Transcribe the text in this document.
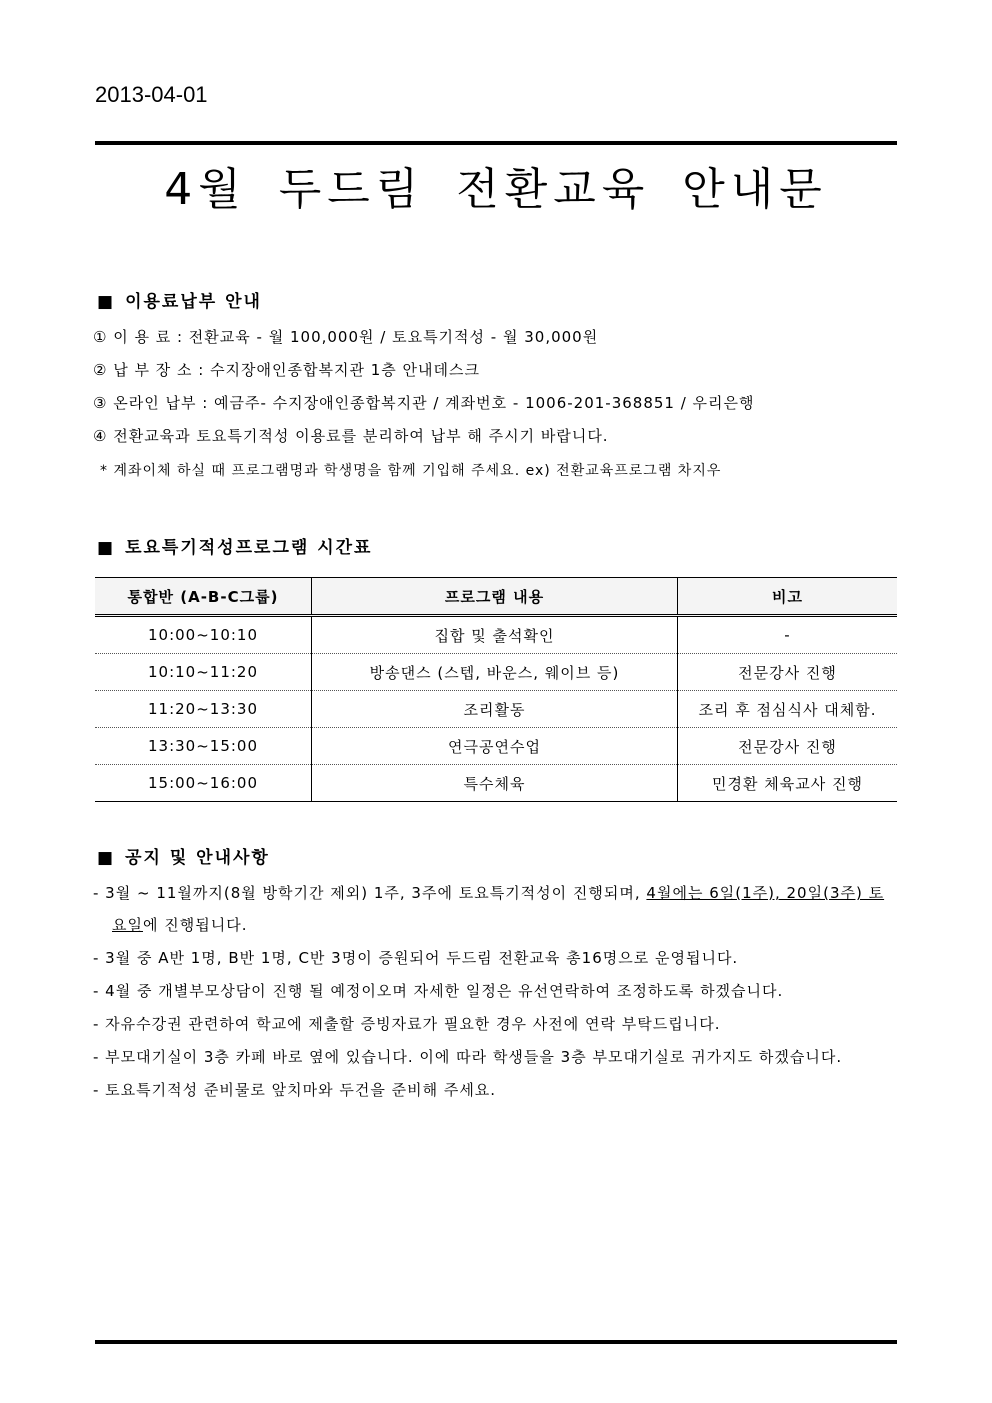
2013-04-01
4월 두드림 전환교육 안내문
■ 이용료납부 안내
① 이 용 료 : 전환교육 - 월 100,000원 / 토요특기적성 - 월 30,000원
② 납 부 장 소 : 수지장애인종합복지관 1층 안내데스크
③ 온라인 납부 : 예금주- 수지장애인종합복지관 / 계좌번호 - 1006-201-368851 / 우리은행
④ 전환교육과 토요특기적성 이용료를 분리하여 납부 해 주시기 바랍니다.
* 계좌이체 하실 때 프로그램명과 학생명을 함께 기입해 주세요. ex) 전환교육프로그램 차지우
■ 토요특기적성프로그램 시간표
통합반 (A-B-C그룹)	프로그램 내용	비고
10:00~10:10	집합 및 출석확인	-
10:10~11:20	방송댄스 (스텝, 바운스, 웨이브 등)	전문강사 진행
11:20~13:30	조리활동	조리 후 점심식사 대체함.
13:30~15:00	연극공연수업	전문강사 진행
15:00~16:00	특수체육	민경환 체육교사 진행
■ 공지 및 안내사항
- 3월 ~ 11월까지(8월 방학기간 제외) 1주, 3주에 토요특기적성이 진행되며, 4월에는 6일(1주), 20일(3주) 토
요일에 진행됩니다.
- 3월 중 A반 1명, B반 1명, C반 3명이 증원되어 두드림 전환교육 총16명으로 운영됩니다.
- 4월 중 개별부모상담이 진행 될 예정이오며 자세한 일정은 유선연락하여 조정하도록 하겠습니다.
- 자유수강권 관련하여 학교에 제출할 증빙자료가 필요한 경우 사전에 연락 부탁드립니다.
- 부모대기실이 3층 카페 바로 옆에 있습니다. 이에 따라 학생들을 3층 부모대기실로 귀가지도 하겠습니다.
- 토요특기적성 준비물로 앞치마와 두건을 준비해 주세요.
